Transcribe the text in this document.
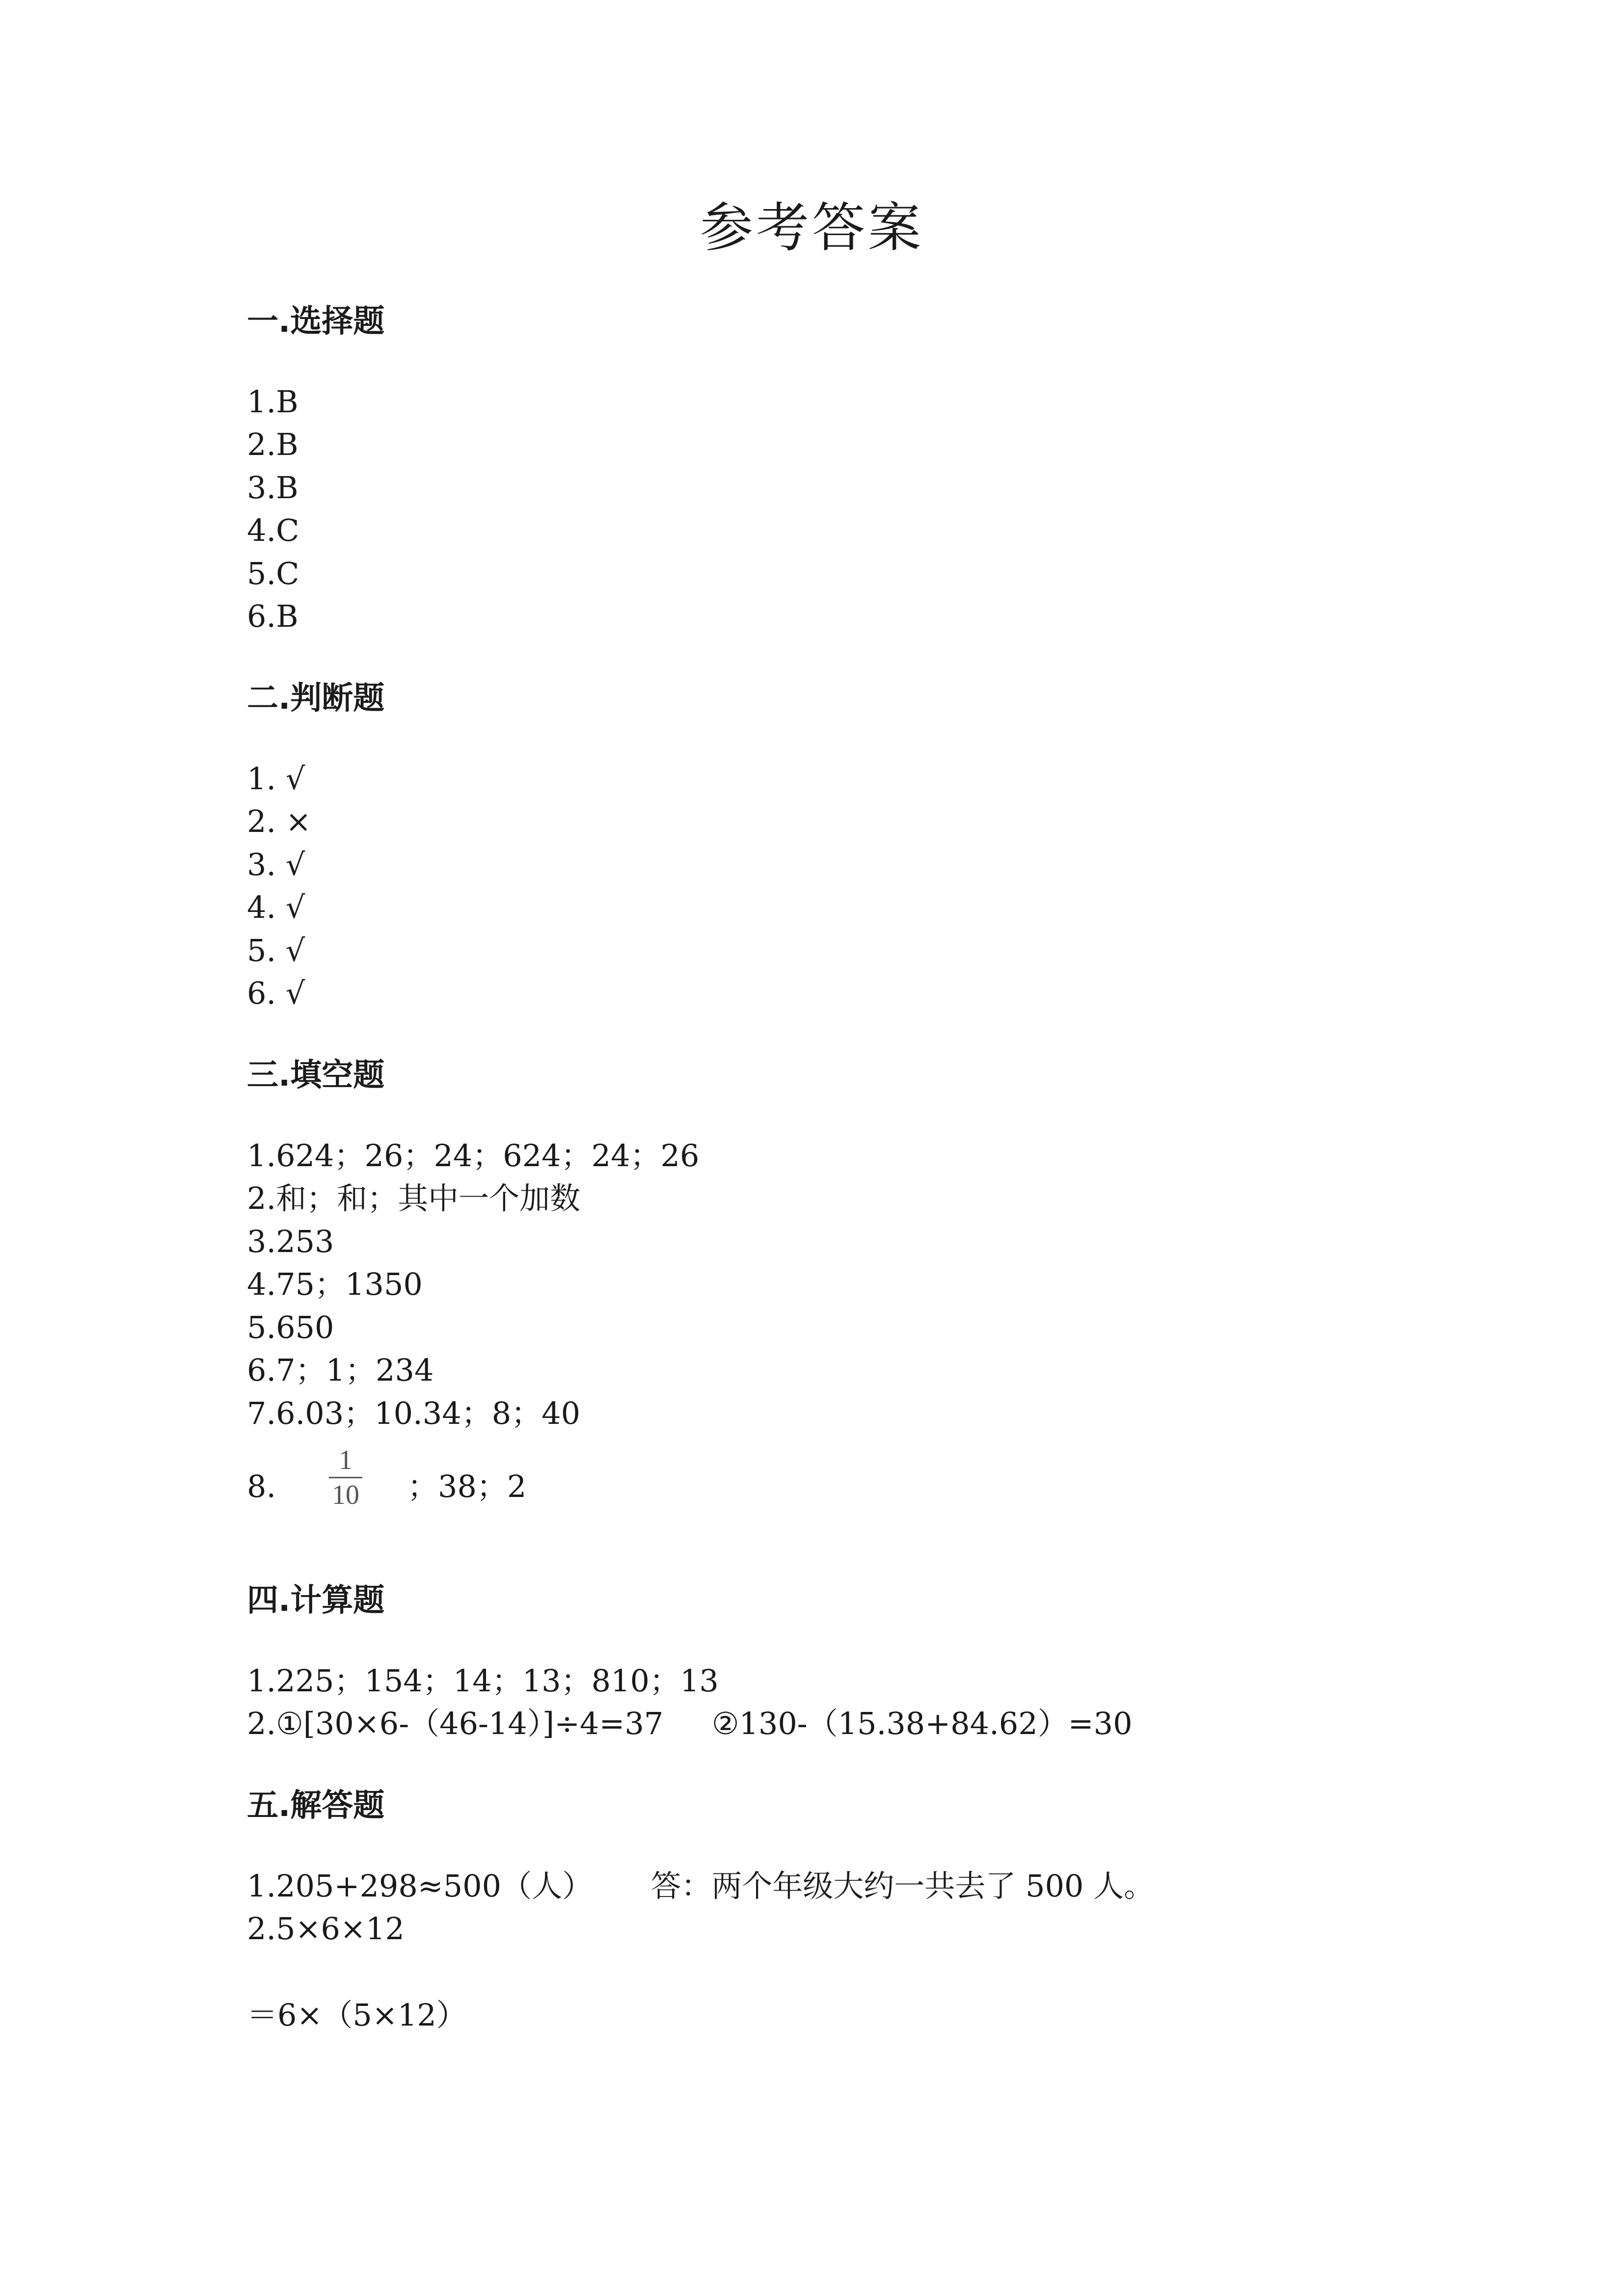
参考答案
一.选择题
1.B
2.B
3.B
4.C
5.C
6.B
二.判断题
1. √
2. ×
3. √
4. √
5. √
6. √
三.填空题
1.624；26；24；624；24；26
2.和；和；其中一个加数
3.253
4.75；1350
5.650
6.7；1；234
7.6.03；10.34；8；40
8.
1
10 ；38；2
四.计算题
1.225；154；14；13；810；13
2.①[30×6-（46-14）]÷4=37     ②130-（15.38+84.62）=30
五.解答题
1.205+298≈500（人）      答：两个年级大约一共去了 500 人。
2.5×6×12
＝6×（5×12）
